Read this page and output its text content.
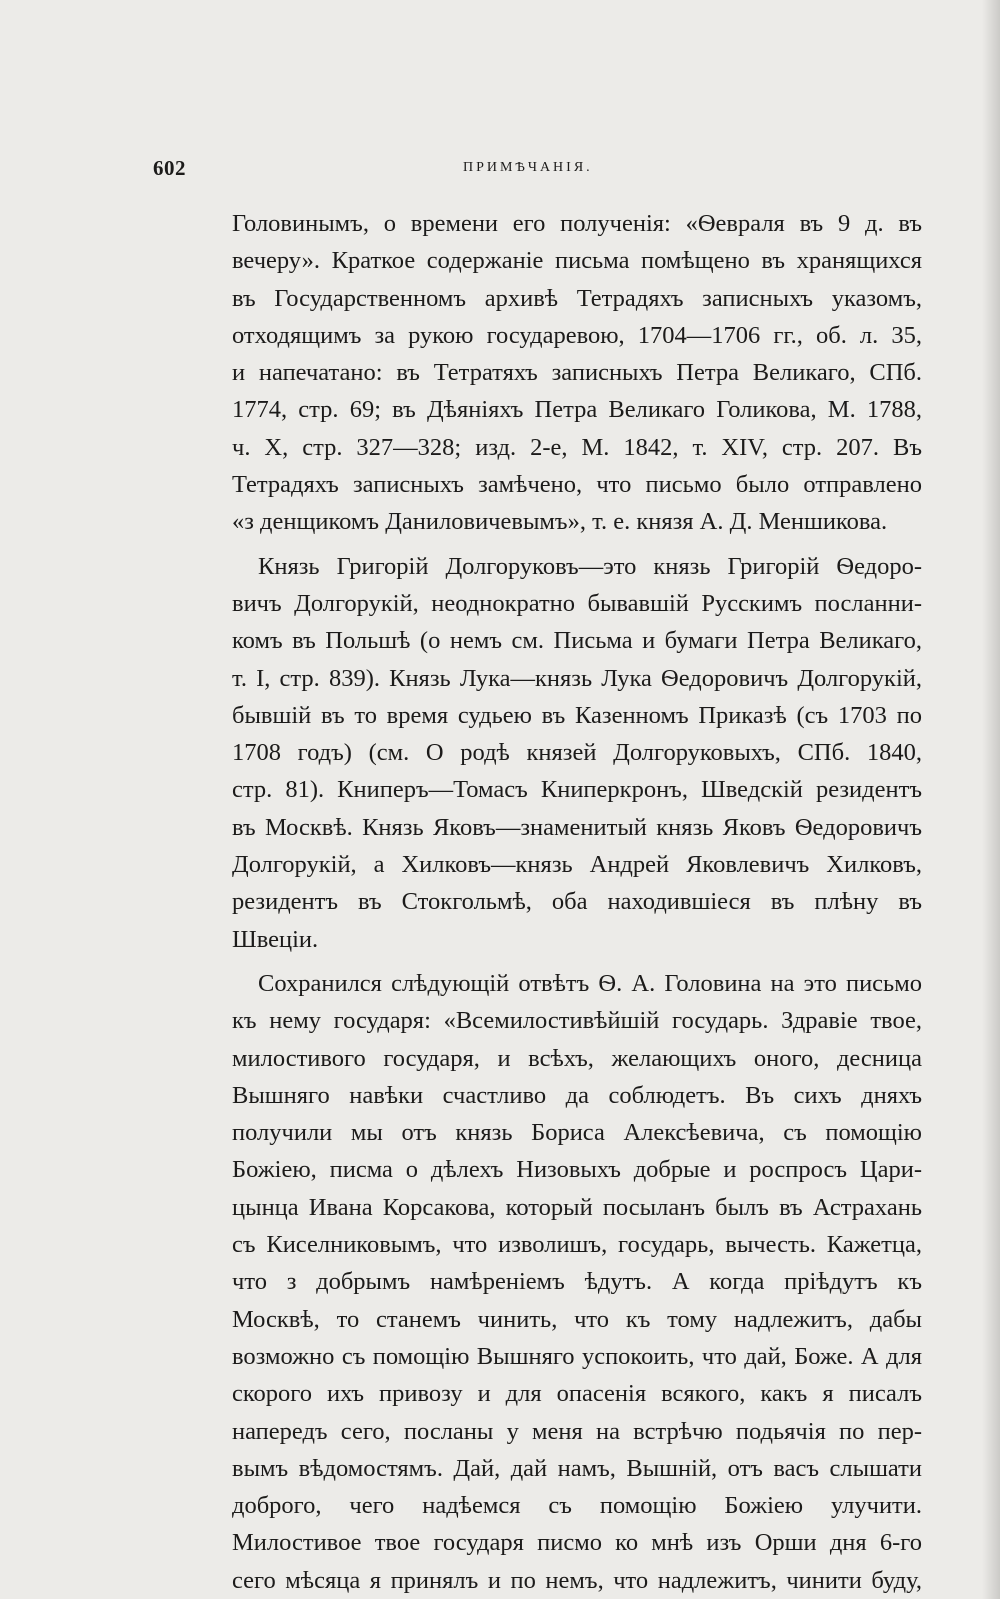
602	ПРИМѢЧАНІЯ.
Головинымъ, о времени его полученія: «Ѳевраля въ 9 д. въ
вечеру». Краткое содержаніе письма помѣщено въ хранящихся
въ Государственномъ архивѣ Тетрадяхъ записныхъ указомъ,
отходящимъ за рукою государевою, 1704—1706 гг., об. л. 35,
и напечатано: въ Тетратяхъ записныхъ Петра Великаго, СПб.
1774, стр. 69; въ Дѣяніяхъ Петра Великаго Голикова, М. 1788,
ч. X, стр. 327—328; изд. 2-е, М. 1842, т. XIV, стр. 207. Въ
Тетрадяхъ записныхъ замѣчено, что письмо было отправлено
«з денщикомъ Даниловичевымъ», т. е. князя А. Д. Меншикова.
Князь Григорій Долгоруковъ—это князь Григорій Ѳедоро-
вичъ Долгорукій, неоднократно бывавшій Русскимъ посланни-
комъ въ Польшѣ (о немъ см. Письма и бумаги Петра Великаго,
т. I, стр. 839). Князь Лука—князь Лука Ѳедоровичъ Долгорукій,
бывшій въ то время судьею въ Казенномъ Приказѣ (съ 1703 по
1708 годъ) (см. О родѣ князей Долгоруковыхъ, СПб. 1840,
стр. 81). Книперъ—Томасъ Книперкронъ, Шведскій резидентъ
въ Москвѣ. Князь Яковъ—знаменитый князь Яковъ Ѳедоровичъ
Долгорукій, а Хилковъ—князь Андрей Яковлевичъ Хилковъ,
резидентъ въ Стокгольмѣ, оба находившіеся въ плѣну въ
Швеціи.
Сохранился слѣдующій отвѣтъ Ѳ. А. Головина на это письмо
къ нему государя: «Всемилостивѣйшій государь. Здравіе твое,
милостивого государя, и всѣхъ, желающихъ оного, десница
Вышняго навѣки счастливо да соблюдетъ. Въ сихъ дняхъ
получили мы отъ князь Бориса Алексѣевича, съ помощію
Божіею, писма о дѣлехъ Низовыхъ добрые и роспросъ Цари-
цынца Ивана Корсакова, который посыланъ былъ въ Астрахань
съ Киселниковымъ, что изволишъ, государь, вычесть. Кажетца,
что з добрымъ намѣреніемъ ѣдутъ. А когда пріѣдутъ къ
Москвѣ, то станемъ чинить, что къ тому надлежитъ, дабы
возможно съ помощію Вышняго успокоить, что дай, Боже. А для
скорого ихъ привозу и для опасенія всякого, какъ я писалъ
напередъ сего, посланы у меня на встрѣчю подьячія по пер-
вымъ вѣдомостямъ. Дай, дай намъ, Вышній, отъ васъ слышати
доброго, чего надѣемся съ помощію Божіею улучити.
Милостивое твое государя писмо ко мнѣ изъ Орши дня 6-го
сего мѣсяца я принялъ и по немъ, что надлежитъ, чинити буду,
